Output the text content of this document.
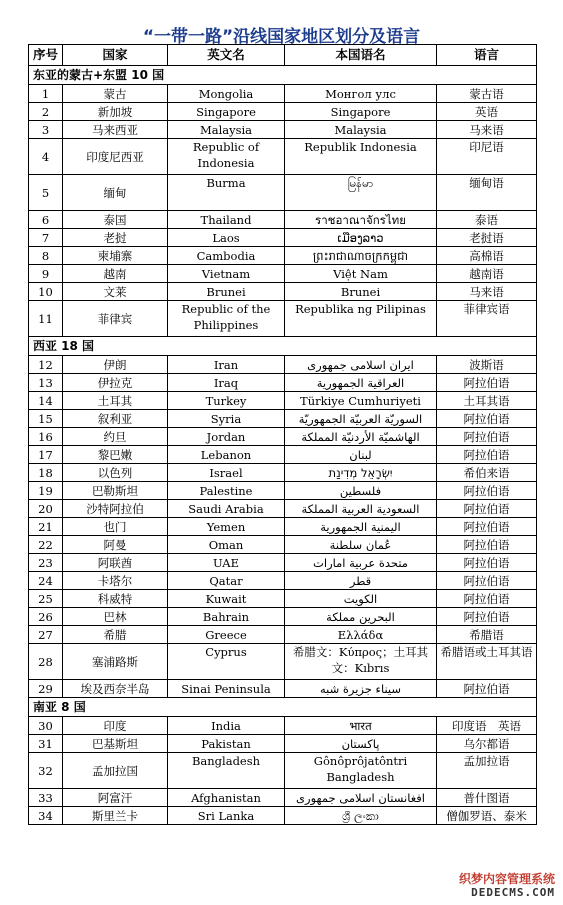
“一带一路”沿线国家地区划分及语言
序号	国家	英文名	本国语名	语言
东亚的蒙古+东盟 10 国				
1	蒙古	Mongolia	Монгол улс	蒙古语
2	新加坡	Singapore	Singapore	英语
3	马来西亚	Malaysia	Malaysia	马来语
4	印度尼西亚	Republic of Indonesia	Republik Indonesia	印尼语
5	缅甸	Burma	မြန်မာ	缅甸语
6	泰国	Thailand	ราชอาณาจักรไทย	泰语
7	老挝	Laos	ເມືອງລາວ	老挝语
8	柬埔寨	Cambodia	ព្រះរាជាណាចក្រកម្ពុជា	高棉语
9	越南	Vietnam	Việt Nam	越南语
10	文莱	Brunei	Brunei	马来语
11	菲律宾	Republic of the Philippines	Republika ng Pilipinas	菲律宾语
西亚 18 国				
12	伊朗	Iran	ایران اسلامی جمهوری	波斯语
13	伊拉克	Iraq	العراقية الجمهورية	阿拉伯语
14	土耳其	Turkey	Türkiye Cumhuriyeti	土耳其语
15	叙利亚	Syria	السوريّة العربيّة الجمهوريّة	阿拉伯语
16	约旦	Jordan	الهاشميّة الأردنيّة المملكة	阿拉伯语
17	黎巴嫩	Lebanon	لبنان	阿拉伯语
18	以色列	Israel	יִשְׂרָאֵל מְדִינַת	希伯来语
19	巴勒斯坦	Palestine	فلسطين	阿拉伯语
20	沙特阿拉伯	Saudi Arabia	السعودية العربية المملكة	阿拉伯语
21	也门	Yemen	اليمنية الجمهورية	阿拉伯语
22	阿曼	Oman	عُمان سلطنة	阿拉伯语
23	阿联酋	UAE	متحدة عربية امارات	阿拉伯语
24	卡塔尔	Qatar	قطر	阿拉伯语
25	科威特	Kuwait	الكويت	阿拉伯语
26	巴林	Bahrain	البحرين مملكة	阿拉伯语
27	希腊	Greece	Ελλάδα	希腊语
28	塞浦路斯	Cyprus	希腊文：Κύπρος；土耳其文：Kıbrıs	希腊语或土耳其语
29	埃及西奈半岛	Sinai Peninsula	سيناء جزيرة شبه	阿拉伯语
南亚 8 国				
30	印度	India	भारत	印度语　英语
31	巴基斯坦	Pakistan	پاکستان	乌尔都语
32	孟加拉国	Bangladesh	Gônôprôjatôntri Bangladesh	孟加拉语
33	阿富汗	Afghanistan	افغانستان اسلامی جمهوری	普什图语
34	斯里兰卡	Sri Lanka	ශ්‍රී ලංකා	僧伽罗语、泰米
织梦内容管理系统
DEDECMS.COM
